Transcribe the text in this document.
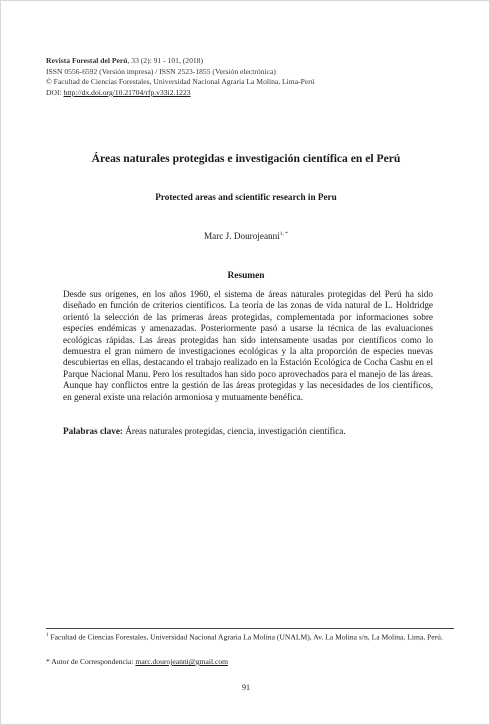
Revista Forestal del Perú, 33 (2): 91 - 101, (2018)
ISSN 0556-6592 (Versión impresa) / ISSN 2523-1855 (Versión electrónica)
© Facultad de Ciencias Forestales, Universidad Nacional Agraria La Molina, Lima-Perú
DOI: http://dx.doi.org/10.21704/rfp.v33i2.1223
Áreas naturales protegidas e investigación científica en el Perú
Protected areas and scientific research in Peru
Marc J. Dourojeanni$^{1, *}$
Resumen

Desde sus orígenes, en los años 1960, el sistema de áreas naturales protegidas del Perú ha sido diseñado en función de criterios científicos. La teoría de las zonas de vida natural de L. Holdridge orientó la selección de las primeras áreas protegidas, complementada por informaciones sobre especies endémicas y amenazadas. Posteriormente pasó a usarse la técnica de las evaluaciones ecológicas rápidas. Las áreas protegidas han sido intensamente usadas por científicos como lo demuestra el gran número de investigaciones ecológicas y la alta proporción de especies nuevas descubiertas en ellas, destacando el trabajo realizado en la Estación Ecológica de Cocha Cashu en el Parque Nacional Manu. Pero los resultados han sido poco aprovechados para el manejo de las áreas. Aunque hay conflictos entre la gestión de las áreas protegidas y las necesidades de los científicos, en general existe una relación armoniosa y mutuamente benéfica.

Palabras clave: Áreas naturales protegidas, ciencia, investigación científica.

$^1$ Facultad de Ciencias Forestales, Universidad Nacional Agraria La Molina (UNALM), Av. La Molina s/n, La Molina, Lima, Perú.
* Autor de Correspondencia: marc.dourojeanni@gmail.com
91
